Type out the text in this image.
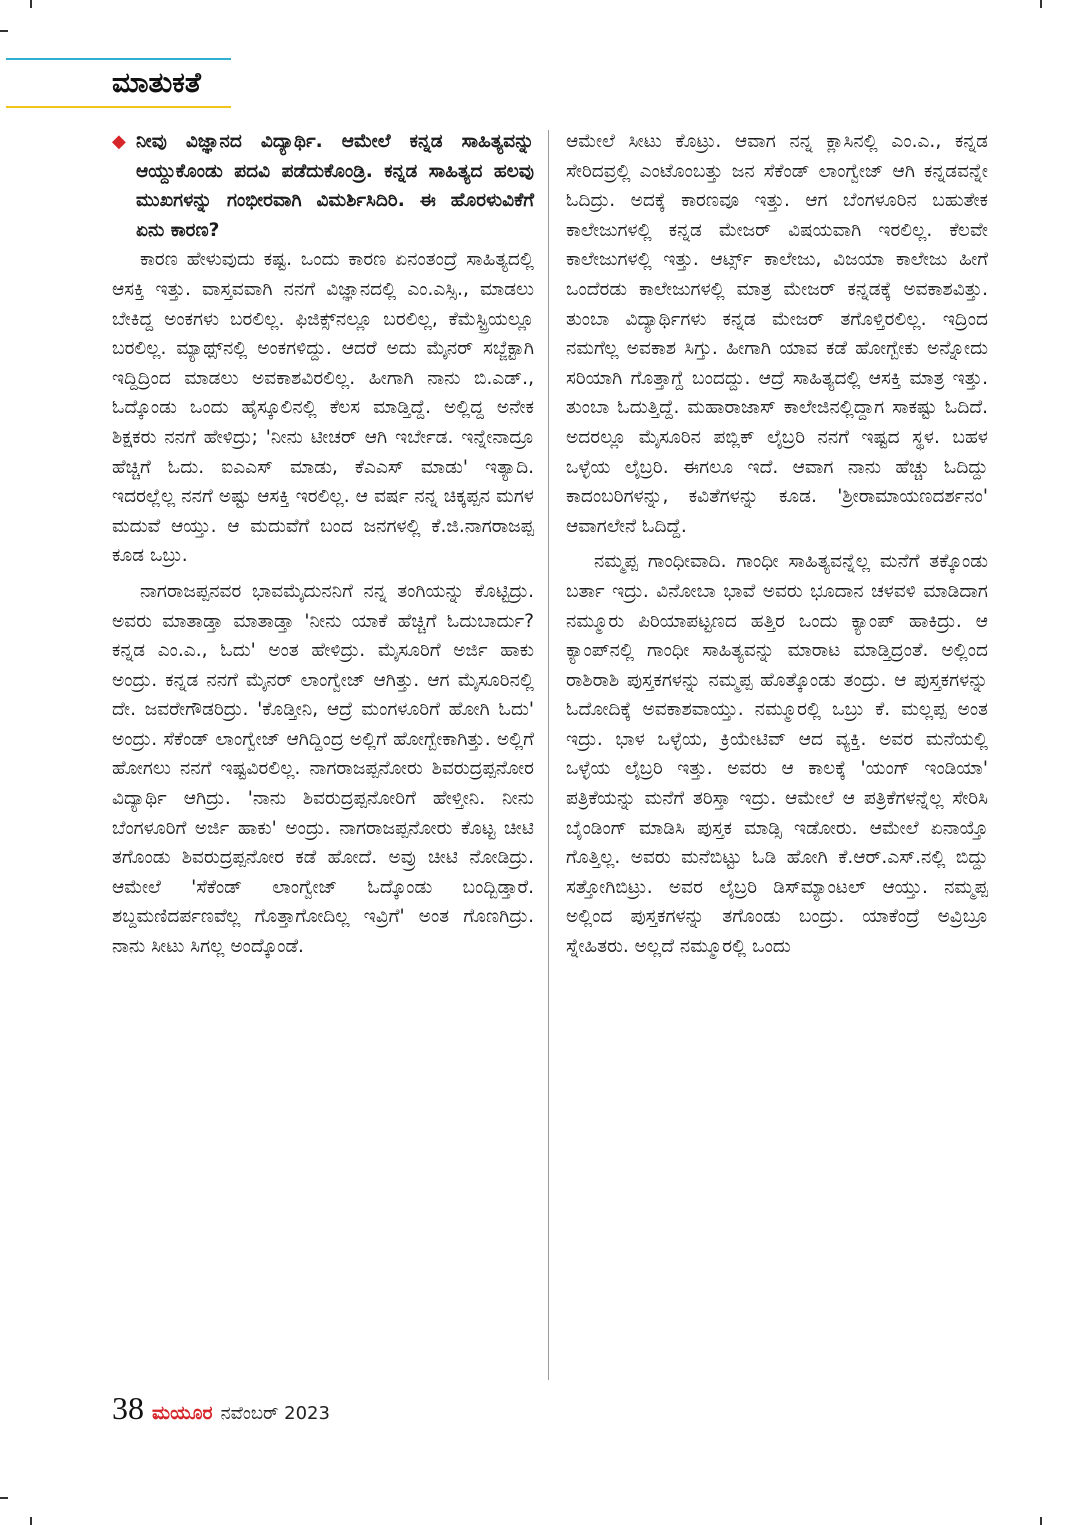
ಮಾತುಕತೆ

◆ ನೀವು ವಿಜ್ಞಾನದ ವಿದ್ಯಾರ್ಥಿ. ಆಮೇಲೆ ಕನ್ನಡ ಸಾಹಿತ್ಯವನ್ನು ಆಯ್ದುಕೊಂಡು ಪದವಿ ಪಡೆದುಕೊಂಡ್ರಿ. ಕನ್ನಡ ಸಾಹಿತ್ಯದ ಹಲವು ಮುಖಗಳನ್ನು ಗಂಭೀರವಾಗಿ ವಿಮರ್ಶಿಸಿದಿರಿ. ಈ ಹೊರಳುವಿಕೆಗೆ ಏನು ಕಾರಣ?

ಕಾರಣ ಹೇಳುವುದು ಕಷ್ಟ. ಒಂದು ಕಾರಣ ಏನಂತಂದ್ರೆ ಸಾಹಿತ್ಯದಲ್ಲಿ ಆಸಕ್ತಿ ಇತ್ತು. ವಾಸ್ತವವಾಗಿ ನನಗೆ ವಿಜ್ಞಾನದಲ್ಲಿ ಎಂ.ಎಸ್ಸಿ., ಮಾಡಲು ಬೇಕಿದ್ದ ಅಂಕಗಳು ಬರಲಿಲ್ಲ. ಫಿಜಿಕ್ಸ್‌ನಲ್ಲೂ ಬರಲಿಲ್ಲ, ಕೆಮೆಸ್ಟ್ರಿಯಲ್ಲೂ ಬರಲಿಲ್ಲ. ಮ್ಯಾಥ್ಸ್‌ನಲ್ಲಿ ಅಂಕಗಳಿದ್ದು. ಆದರೆ ಅದು ಮೈನರ್ ಸಬ್ಜೆಕ್ಟಾಗಿ ಇದ್ದಿದ್ರಿಂದ ಮಾಡಲು ಅವಕಾಶವಿರಲಿಲ್ಲ. ಹೀಗಾಗಿ ನಾನು ಬಿ.ಎಡ್., ಓದ್ಕೊಂಡು ಒಂದು ಹೈಸ್ಕೂಲಿನಲ್ಲಿ ಕೆಲಸ ಮಾಡ್ತಿದ್ದೆ. ಅಲ್ಲಿದ್ದ ಅನೇಕ ಶಿಕ್ಷಕರು ನನಗೆ ಹೇಳಿದ್ರು; 'ನೀನು ಟೀಚರ್ ಆಗಿ ಇರ್ಬೇಡ. ಇನ್ನೇನಾದ್ರೂ ಹೆಚ್ಚಿಗೆ ಓದು. ಐಎಎಸ್ ಮಾಡು, ಕೆಎಎಸ್ ಮಾಡು' ಇತ್ಯಾದಿ. ಇದರಲ್ಲೆಲ್ಲ ನನಗೆ ಅಷ್ಟು ಆಸಕ್ತಿ ಇರಲಿಲ್ಲ. ಆ ವರ್ಷ ನನ್ನ ಚಿಕ್ಕಪ್ಪನ ಮಗಳ ಮದುವೆ ಆಯ್ತು. ಆ ಮದುವೆಗೆ ಬಂದ ಜನಗಳಲ್ಲಿ ಕೆ.ಜಿ.ನಾಗರಾಜಪ್ಪ ಕೂಡ ಒಬ್ರು.

ನಾಗರಾಜಪ್ಪನವರ ಭಾವಮೈದುನನಿಗೆ ನನ್ನ ತಂಗಿಯನ್ನು ಕೊಟ್ಟಿದ್ರು. ಅವರು ಮಾತಾಡ್ತಾ ಮಾತಾಡ್ತಾ 'ನೀನು ಯಾಕೆ ಹೆಚ್ಚಿಗೆ ಓದುಬಾರ್ದು? ಕನ್ನಡ ಎಂ.ಎ., ಓದು' ಅಂತ ಹೇಳಿದ್ರು. ಮೈಸೂರಿಗೆ ಅರ್ಜಿ ಹಾಕು ಅಂದ್ರು. ಕನ್ನಡ ನನಗೆ ಮೈನರ್ ಲಾಂಗ್ವೇಜ್ ಆಗಿತ್ತು. ಆಗ ಮೈಸೂರಿನಲ್ಲಿ ದೇ. ಜವರೇಗೌಡರಿದ್ರು. 'ಕೊಡ್ತೀನಿ, ಆದ್ರೆ ಮಂಗಳೂರಿಗೆ ಹೋಗಿ ಓದು' ಅಂದ್ರು. ಸೆಕೆಂಡ್ ಲಾಂಗ್ವೇಜ್ ಆಗಿದ್ದಿಂದ್ರ ಅಲ್ಲಿಗೆ ಹೋಗ್ಬೇಕಾಗಿತ್ತು. ಅಲ್ಲಿಗೆ ಹೋಗಲು ನನಗೆ ಇಷ್ಟವಿರಲಿಲ್ಲ. ನಾಗರಾಜಪ್ಪನೋರು ಶಿವರುದ್ರಪ್ಪನೋರ ವಿದ್ಯಾರ್ಥಿ ಆಗಿದ್ರು. 'ನಾನು ಶಿವರುದ್ರಪ್ಪನೋರಿಗೆ ಹೇಳ್ತೀನಿ. ನೀನು ಬೆಂಗಳೂರಿಗೆ ಅರ್ಜಿ ಹಾಕು' ಅಂದ್ರು. ನಾಗರಾಜಪ್ಪನೋರು ಕೊಟ್ಟ ಚೀಟಿ ತಗೊಂಡು ಶಿವರುದ್ರಪ್ಪನೋರ ಕಡೆ ಹೋದೆ. ಅವ್ರು ಚೀಟಿ ನೋಡಿದ್ರು. ಆಮೇಲೆ 'ಸೆಕೆಂಡ್ ಲಾಂಗ್ವೇಜ್ ಓದ್ಕೊಂಡು ಬಂದ್ಬಿಡ್ತಾರೆ. ಶಬ್ದಮಣಿದರ್ಪಣವೆಲ್ಲ ಗೊತ್ತಾಗೋದಿಲ್ಲ ಇವ್ರಿಗೆ' ಅಂತ ಗೊಣಗಿದ್ರು. ನಾನು ಸೀಟು ಸಿಗಲ್ಲ ಅಂದ್ಕೊಂಡೆ.

ಆಮೇಲೆ ಸೀಟು ಕೊಟ್ರು. ಆವಾಗ ನನ್ನ ಕ್ಲಾಸಿನಲ್ಲಿ ಎಂ.ಎ., ಕನ್ನಡ ಸೇರಿದವ್ರಲ್ಲಿ ಎಂಟೊಂಬತ್ತು ಜನ ಸೆಕೆಂಡ್ ಲಾಂಗ್ವೇಜ್ ಆಗಿ ಕನ್ನಡವನ್ನೇ ಓದಿದ್ರು. ಅದಕ್ಕೆ ಕಾರಣವೂ ಇತ್ತು. ಆಗ ಬೆಂಗಳೂರಿನ ಬಹುತೇಕ ಕಾಲೇಜುಗಳಲ್ಲಿ ಕನ್ನಡ ಮೇಜರ್ ವಿಷಯವಾಗಿ ಇರಲಿಲ್ಲ. ಕೆಲವೇ ಕಾಲೇಜುಗಳಲ್ಲಿ ಇತ್ತು. ಆರ್ಟ್ಸ್ ಕಾಲೇಜು, ವಿಜಯಾ ಕಾಲೇಜು ಹೀಗೆ ಒಂದೆರಡು ಕಾಲೇಜುಗಳಲ್ಲಿ ಮಾತ್ರ ಮೇಜರ್ ಕನ್ನಡಕ್ಕೆ ಅವಕಾಶವಿತ್ತು. ತುಂಬಾ ವಿದ್ಯಾರ್ಥಿಗಳು ಕನ್ನಡ ಮೇಜರ್ ತಗೊಳ್ತಿರಲಿಲ್ಲ. ಇದ್ರಿಂದ ನಮಗೆಲ್ಲ ಅವಕಾಶ ಸಿಗ್ತು. ಹೀಗಾಗಿ ಯಾವ ಕಡೆ ಹೋಗ್ಬೇಕು ಅನ್ನೋದು ಸರಿಯಾಗಿ ಗೊತ್ತಾಗ್ದೆ ಬಂದದ್ದು. ಆದ್ರೆ ಸಾಹಿತ್ಯದಲ್ಲಿ ಆಸಕ್ತಿ ಮಾತ್ರ ಇತ್ತು. ತುಂಬಾ ಓದುತ್ತಿದ್ದೆ. ಮಹಾರಾಜಾಸ್ ಕಾಲೇಜಿನಲ್ಲಿದ್ದಾಗ ಸಾಕಷ್ಟು ಓದಿದೆ. ಅದರಲ್ಲೂ ಮೈಸೂರಿನ ಪಬ್ಲಿಕ್ ಲೈಬ್ರರಿ ನನಗೆ ಇಷ್ಟದ ಸ್ಥಳ. ಬಹಳ ಒಳ್ಳೆಯ ಲೈಬ್ರರಿ. ಈಗಲೂ ಇದೆ. ಆವಾಗ ನಾನು ಹೆಚ್ಚು ಓದಿದ್ದು ಕಾದಂಬರಿಗಳನ್ನು, ಕವಿತೆಗಳನ್ನು ಕೂಡ. 'ಶ್ರೀರಾಮಾಯಣದರ್ಶನಂ' ಆವಾಗಲೇನೆ ಓದಿದ್ದೆ.

ನಮ್ಮಪ್ಪ ಗಾಂಧೀವಾದಿ. ಗಾಂಧೀ ಸಾಹಿತ್ಯವನ್ನೆಲ್ಲ ಮನೆಗೆ ತಕ್ಕೊಂಡು ಬರ್ತಾ ಇದ್ರು. ವಿನೋಬಾ ಭಾವೆ ಅವರು ಭೂದಾನ ಚಳವಳಿ ಮಾಡಿದಾಗ ನಮ್ಮೂರು ಪಿರಿಯಾಪಟ್ಟಣದ ಹತ್ತಿರ ಒಂದು ಕ್ಯಾಂಪ್ ಹಾಕಿದ್ರು. ಆ ಕ್ಯಾಂಪ್‌ನಲ್ಲಿ ಗಾಂಧೀ ಸಾಹಿತ್ಯವನ್ನು ಮಾರಾಟ ಮಾಡ್ತಿದ್ರಂತೆ. ಅಲ್ಲಿಂದ ರಾಶಿರಾಶಿ ಪುಸ್ತಕಗಳನ್ನು ನಮ್ಮಪ್ಪ ಹೊತ್ಕೊಂಡು ತಂದ್ರು. ಆ ಪುಸ್ತಕಗಳನ್ನು ಓದೋದಿಕ್ಕೆ ಅವಕಾಶವಾಯ್ತು. ನಮ್ಮೂರಲ್ಲಿ ಒಬ್ರು ಕೆ. ಮಲ್ಲಪ್ಪ ಅಂತ ಇದ್ರು. ಭಾಳ ಒಳ್ಳೆಯ, ಕ್ರಿಯೇಟಿವ್ ಆದ ವ್ಯಕ್ತಿ. ಅವರ ಮನೆಯಲ್ಲಿ ಒಳ್ಳೆಯ ಲೈಬ್ರರಿ ಇತ್ತು. ಅವರು ಆ ಕಾಲಕ್ಕೆ 'ಯಂಗ್ ಇಂಡಿಯಾ' ಪತ್ರಿಕೆಯನ್ನು ಮನೆಗೆ ತರಿಸ್ತಾ ಇದ್ರು. ಆಮೇಲೆ ಆ ಪತ್ರಿಕೆಗಳನ್ನೆಲ್ಲ ಸೇರಿಸಿ ಬೈಂಡಿಂಗ್ ಮಾಡಿಸಿ ಪುಸ್ತಕ ಮಾಡ್ಸಿ ಇಡೋರು. ಆಮೇಲೆ ಏನಾಯ್ತೊ ಗೊತ್ತಿಲ್ಲ. ಅವರು ಮನೆಬಿಟ್ಟು ಓಡಿ ಹೋಗಿ ಕೆ.ಆರ್.ಎಸ್.ನಲ್ಲಿ ಬಿದ್ದು ಸತ್ತೋಗಿಬಿಟ್ರು. ಅವರ ಲೈಬ್ರರಿ ಡಿಸ್‌ಮ್ಯಾಂಟಲ್ ಆಯ್ತು. ನಮ್ಮಪ್ಪ ಅಲ್ಲಿಂದ ಪುಸ್ತಕಗಳನ್ನು ತಗೊಂಡು ಬಂದ್ರು. ಯಾಕೆಂದ್ರೆ ಅವ್ರಿಬ್ರೂ ಸ್ನೇಹಿತರು. ಅಲ್ಲದೆ ನಮ್ಮೂರಲ್ಲಿ ಒಂದು

38 ಮಯೂರ ನವೆಂಬರ್ 2023
